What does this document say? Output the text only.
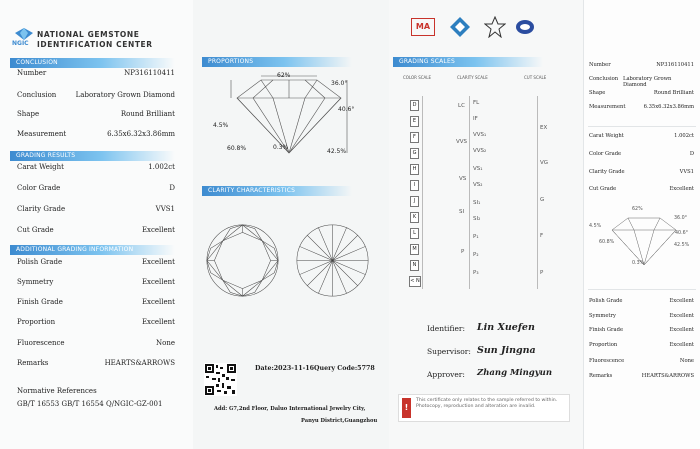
NGIC
NATIONAL GEMSTONE
IDENTIFICATION CENTER
CONCLUSION
Number	NP316110411
Conclusion	Laboratory Grown Diamond
Shape	Round Brilliant
Measurement	6.35x6.32x3.86mm
GRADING RESULTS
Carat Weight	1.002ct
Color Grade	D
Clarity Grade	VVS1
Cut Grade	Excellent
ADDITIONAL GRADING INFORMATION
Polish Grade	Excellent
Symmetry	Excellent
Finish Grade	Excellent
Proportion	Excellent
Fluorescence	None
Remarks	HEARTS&ARROWS
Normative References
GB/T 16553 GB/T 16554 Q/NGIC-GZ-001
PROPORTIONS
62%
36.0°
4.5%
40.6°
60.8%	42.5%
0.3%
CLARITY CHARACTERISTICS
Date:2023-11-16 Query Code:5778
Add: G7,2nd Floor, Daluo International Jewelry City,
Panyu District,Guangzhou
MA
GRADING SCALES
COLOR SCALE	CLARITY SCALE	CUT SCALE
D
E
F
G
H
I
J
K
L
M
N
< N
LC
VVS
VS
SI
P
FL
IF
VVS₁
VVS₂
VS₁
VS₂
SI₁
SI₂
P₁
P₂
P₃
EX
VG
G
F
P
Identifier: Lin Xuefen
Supervisor: Sun Jingna
Approver: Zhang Mingyun
!
This certificate only relates to the sample referred to within. Photocopy, reproduction and alteration are invalid.
Number	NP316110411
Conclusion Laboratory Grown Diamond
Shape	Round Brilliant
Measurement	6.35x6.32x3.86mm
Carat Weight	1.002ct
Color Grade	D
Clarity Grade	VVS1
Cut Grade	Excellent
62%
36.0°
4.5%
40.6°
60.8%
42.5%
0.3%
Polish Grade	Excellent
Symmetry	Excellent
Finish Grade	Excellent
Proportion	Excellent
Fluorescence	None
Remarks	HEARTS&ARROWS
